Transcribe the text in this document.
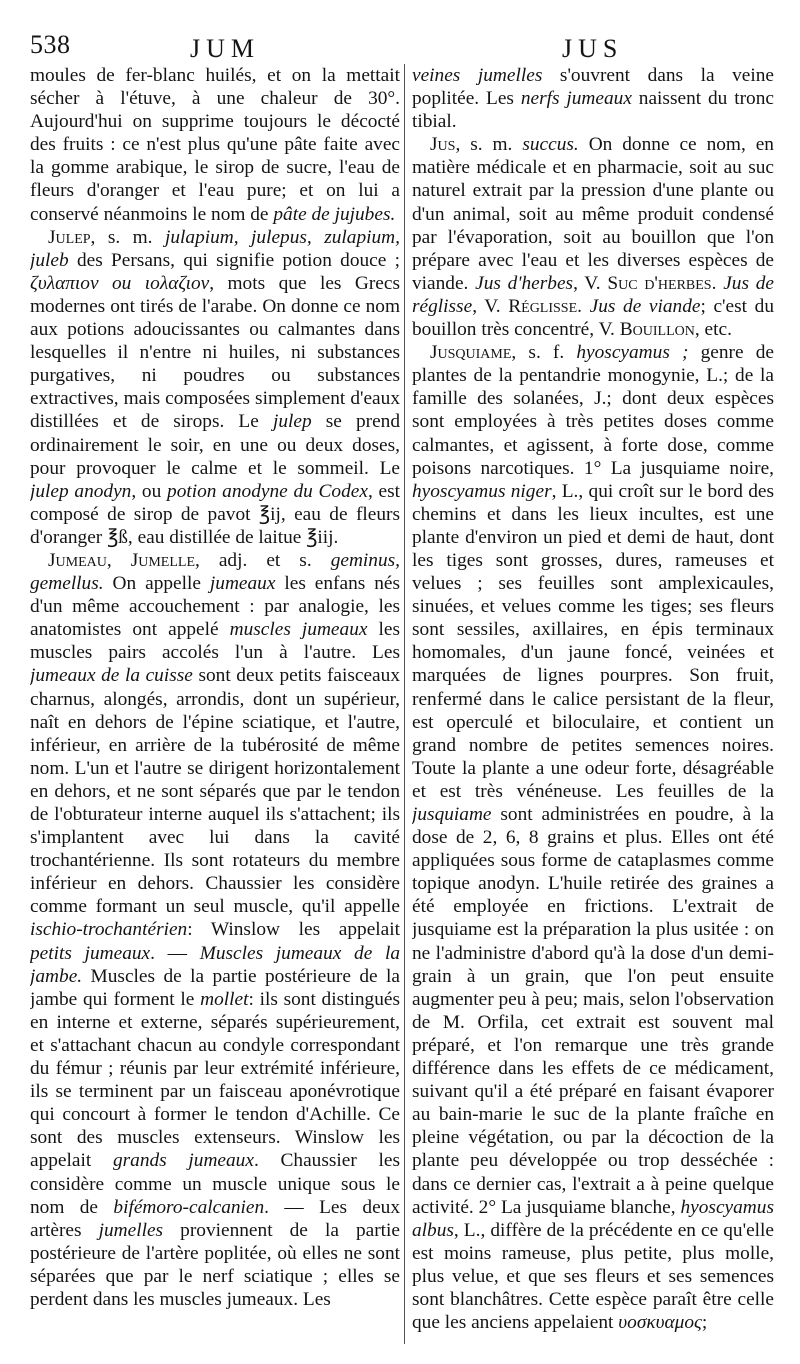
538	JUM	JUS

moules de fer-blanc huilés, et on la mettait sécher à l'étuve, à une chaleur de 30°. Aujourd'hui on supprime toujours le décocté des fruits : ce n'est plus qu'une pâte faite avec la gomme arabique, le sirop de sucre, l'eau de fleurs d'oranger et l'eau pure; et on lui a conservé néanmoins le nom de pâte de jujubes.

Julep, s. m. julapium, julepus, zulapium, juleb des Persans, qui signifie potion douce ; ζυλαπιον ou ιολαζιον, mots que les Grecs modernes ont tirés de l'arabe. On donne ce nom aux potions adoucissantes ou calmantes dans lesquelles il n'entre ni huiles, ni substances purgatives, ni poudres ou substances extractives, mais composées simplement d'eaux distillées et de sirops. Le julep se prend ordinairement le soir, en une ou deux doses, pour provoquer le calme et le sommeil. Le julep anodyn, ou potion anodyne du Codex, est composé de sirop de pavot ℥ij, eau de fleurs d'oranger ℥ß, eau distillée de laitue ℥iij.

Jumeau, Jumelle, adj. et s. geminus, gemellus. On appelle jumeaux les enfans nés d'un même accouchement : par analogie, les anatomistes ont appelé muscles jumeaux les muscles pairs accolés l'un à l'autre. Les jumeaux de la cuisse sont deux petits faisceaux charnus, alongés, arrondis, dont un supérieur, naît en dehors de l'épine sciatique, et l'autre, inférieur, en arrière de la tubérosité de même nom. L'un et l'autre se dirigent horizontalement en dehors, et ne sont séparés que par le tendon de l'obturateur interne auquel ils s'attachent; ils s'implantent avec lui dans la cavité trochantérienne. Ils sont rotateurs du membre inférieur en dehors. Chaussier les considère comme formant un seul muscle, qu'il appelle ischio-trochantérien: Winslow les appelait petits jumeaux. — Muscles jumeaux de la jambe. Muscles de la partie postérieure de la jambe qui forment le mollet: ils sont distingués en interne et externe, séparés supérieurement, et s'attachant chacun au condyle correspondant du fémur ; réunis par leur extrémité inférieure, ils se terminent par un faisceau aponévrotique qui concourt à former le tendon d'Achille. Ce sont des muscles extenseurs. Winslow les appelait grands jumeaux. Chaussier les considère comme un muscle unique sous le nom de bifémoro-calcanien. — Les deux artères jumelles proviennent de la partie postérieure de l'artère poplitée, où elles ne sont séparées que par le nerf sciatique ; elles se perdent dans les muscles jumeaux. Les

veines jumelles s'ouvrent dans la veine poplitée. Les nerfs jumeaux naissent du tronc tibial.

Jus, s. m. succus. On donne ce nom, en matière médicale et en pharmacie, soit au suc naturel extrait par la pression d'une plante ou d'un animal, soit au même produit condensé par l'évaporation, soit au bouillon que l'on prépare avec l'eau et les diverses espèces de viande. Jus d'herbes, V. Suc d'herbes. Jus de réglisse, V. Réglisse. Jus de viande; c'est du bouillon très concentré, V. Bouillon, etc.

Jusquiame, s. f. hyoscyamus ; genre de plantes de la pentandrie monogynie, L.; de la famille des solanées, J.; dont deux espèces sont employées à très petites doses comme calmantes, et agissent, à forte dose, comme poisons narcotiques. 1° La jusquiame noire, hyoscyamus niger, L., qui croît sur le bord des chemins et dans les lieux incultes, est une plante d'environ un pied et demi de haut, dont les tiges sont grosses, dures, rameuses et velues ; ses feuilles sont amplexicaules, sinuées, et velues comme les tiges; ses fleurs sont sessiles, axillaires, en épis terminaux homomales, d'un jaune foncé, veinées et marquées de lignes pourpres. Son fruit, renfermé dans le calice persistant de la fleur, est operculé et biloculaire, et contient un grand nombre de petites semences noires. Toute la plante a une odeur forte, désagréable et est très vénéneuse. Les feuilles de la jusquiame sont administrées en poudre, à la dose de 2, 6, 8 grains et plus. Elles ont été appliquées sous forme de cataplasmes comme topique anodyn. L'huile retirée des graines a été employée en frictions. L'extrait de jusquiame est la préparation la plus usitée : on ne l'administre d'abord qu'à la dose d'un demi-grain à un grain, que l'on peut ensuite augmenter peu à peu; mais, selon l'observation de M. Orfila, cet extrait est souvent mal préparé, et l'on remarque une très grande différence dans les effets de ce médicament, suivant qu'il a été préparé en faisant évaporer au bain-marie le suc de la plante fraîche en pleine végétation, ou par la décoction de la plante peu développée ou trop desséchée : dans ce dernier cas, l'extrait a à peine quelque activité. 2° La jusquiame blanche, hyoscyamus albus, L., diffère de la précédente en ce qu'elle est moins rameuse, plus petite, plus molle, plus velue, et que ses fleurs et ses semences sont blanchâtres. Cette espèce paraît être celle que les anciens appelaient υοσκυαμος;
